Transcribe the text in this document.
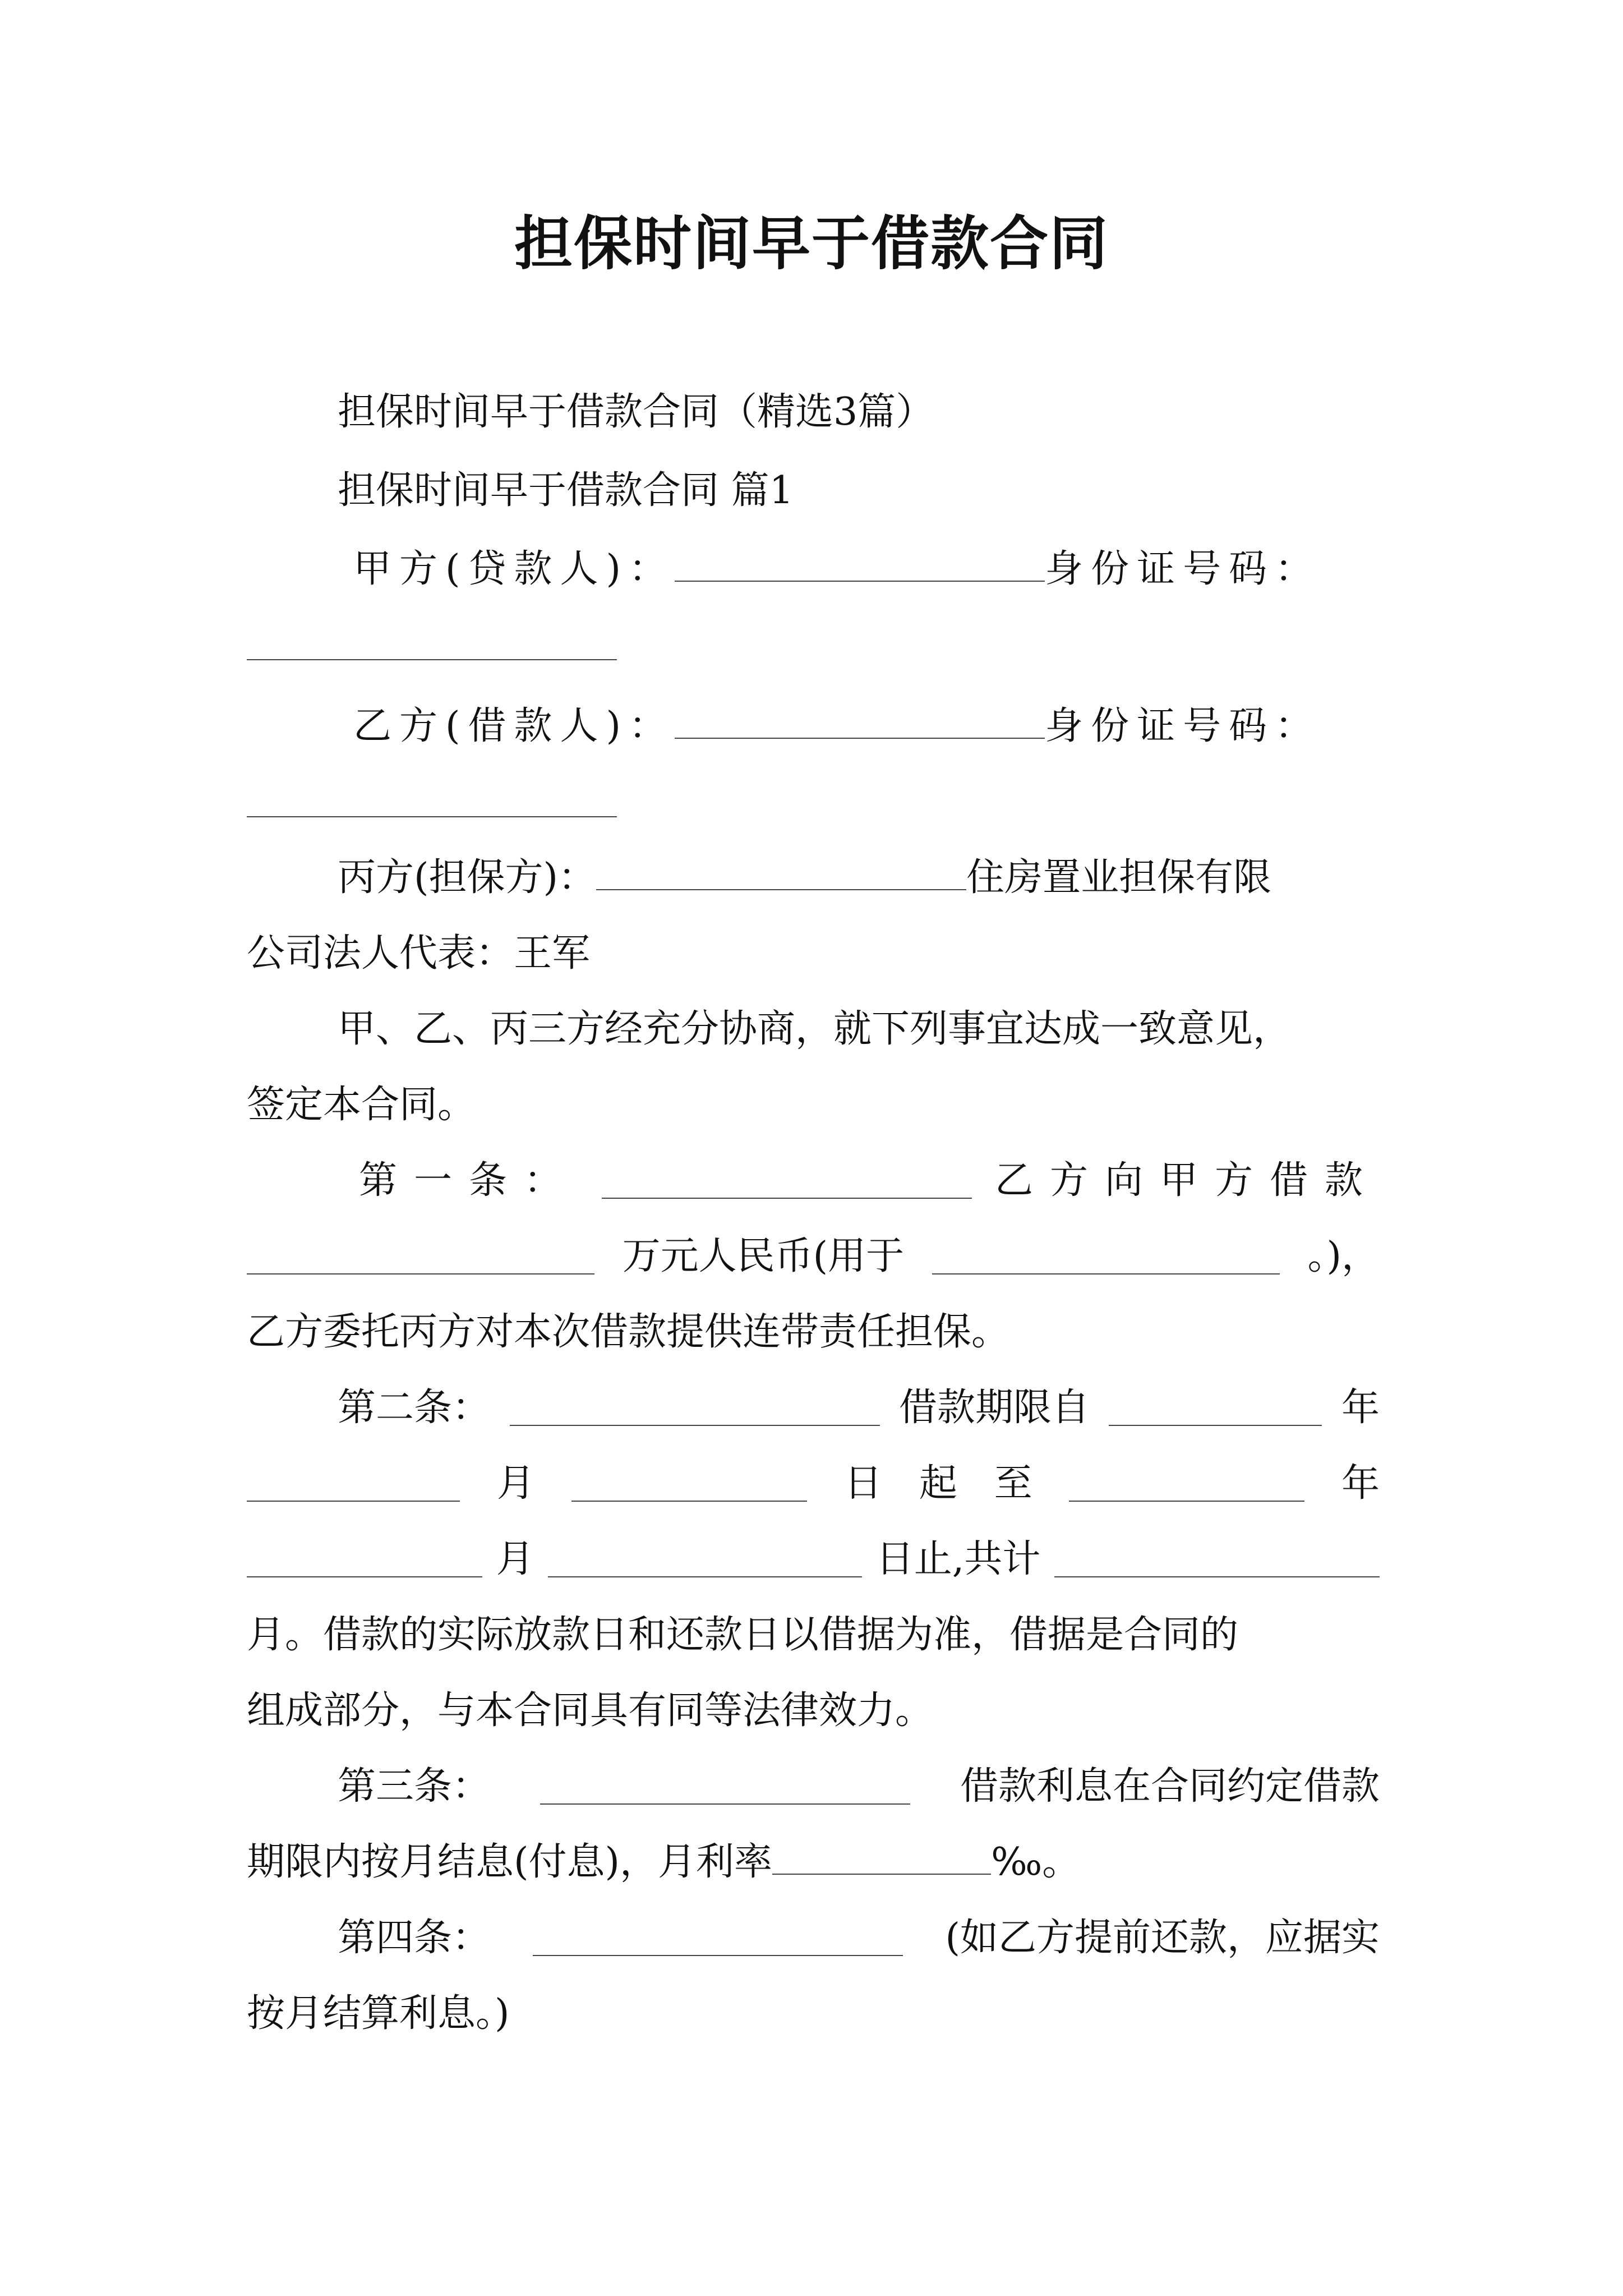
担保时间早于借款合同
担保时间早于借款合同（精选3篇）
担保时间早于借款合同 篇1
甲方(贷款人)：	身份证号码：
乙方(借款人)：	身份证号码：
丙方(担保方)：	住房置业担保有限
公司法人代表：王军
甲、乙、丙三方经充分协商，就下列事宜达成一致意见，
签定本合同。
第一条：	乙方向甲方借款
万元人民币(用于	。)，
乙方委托丙方对本次借款提供连带责任担保。
第二条：	借款期限自	年
月	日 起 至	年
月	日止,共计
月。借款的实际放款日和还款日以借据为准，借据是合同的
组成部分，与本合同具有同等法律效力。
第三条：	借款利息在合同约定借款
期限内按月结息(付息)，月利率	‰。
第四条：	(如乙方提前还款，应据实
按月结算利息。)
